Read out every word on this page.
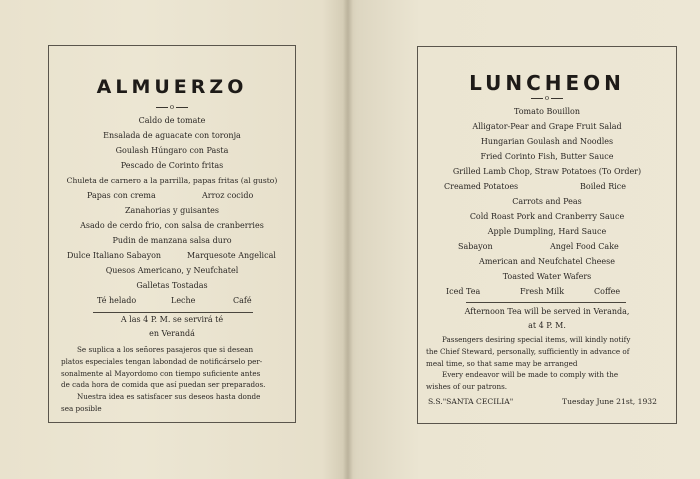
ALMUERZO
o
Caldo de tomate
Ensalada de aguacate con toronja
Goulash Húngaro con Pasta
Pescado de Corinto fritas
Chuleta de carnero a la parrilla, papas fritas (al gusto)
Papas con crema	Arroz cocido
Zanahorias y guisantes
Asado de cerdo frio, con salsa de cranberries
Pudin de manzana salsa duro
Dulce Italiano Sabayon	Marquesote Angelical
Quesos Americano, y Neufchatel
Galletas Tostadas
Té helado	Leche	Café
A las 4 P. M. se servirá té
en Verandá
Se suplica a los señores pasajeros que si desean
platos especiales tengan labondad de notificárselo per-
sonalmente al Mayordomo con tiempo suficiente antes
de cada hora de comida que así puedan ser preparados.
Nuestra idea es satisfacer sus deseos hasta donde
sea posible
LUNCHEON
o
Tomato Bouillon
Alligator-Pear and Grape Fruit Salad
Hungarian Goulash and Noodles
Fried Corinto Fish, Butter Sauce
Grilled Lamb Chop, Straw Potatoes (To Order)
Creamed Potatoes	Boiled Rice
Carrots and Peas
Cold Roast Pork and Cranberry Sauce
Apple Dumpling, Hard Sauce
Sabayon	Angel Food Cake
American and Neufchatel Cheese
Toasted Water Wafers
Iced Tea	Fresh Milk	Coffee
Afternoon Tea will be served in Veranda,
at 4 P. M.
Passengers desiring special items, will kindly notify
the Chief Steward, personally, sufficiently in advance of
meal time, so that same may be arranged
Every endeavor will be made to comply with the
wishes of our patrons.
S.S."SANTA CECILIA"	Tuesday June 21st, 1932
